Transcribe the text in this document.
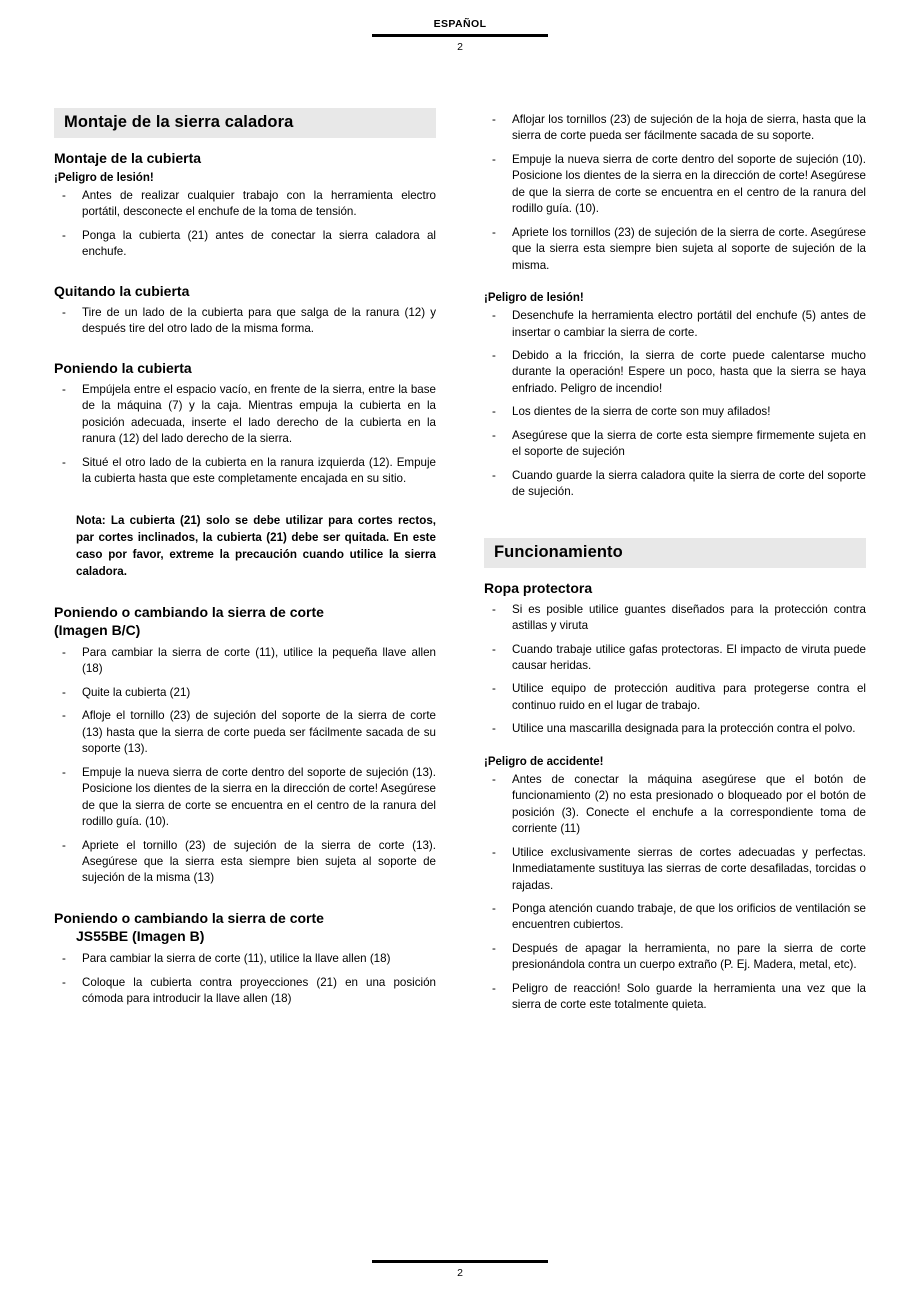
ESPAÑOL
2
Montaje de la sierra caladora
Montaje de la cubierta
¡Peligro de lesión!
- Antes de realizar cualquier trabajo con la herramienta electro portátil, desconecte el enchufe de la toma de tensión.
- Ponga la cubierta (21) antes de conectar la sierra caladora al enchufe.
Quitando la cubierta
- Tire de un lado de la cubierta para que salga de la ranura (12) y después tire del otro lado de la misma forma.
Poniendo la cubierta
- Empújela entre el espacio vacío, en frente de la sierra, entre la base de la máquina (7) y la caja. Mientras empuja la cubierta en la posición adecuada, inserte el lado derecho de la cubierta en la ranura (12) del lado derecho de la sierra.
- Situé el otro lado de la cubierta en la ranura izquierda (12). Empuje la cubierta hasta que este completamente encajada en su sitio.
Nota: La cubierta (21) solo se debe utilizar para cortes rectos, par cortes inclinados, la cubierta (21) debe ser quitada. En este caso por favor, extreme la precaución cuando utilice la sierra caladora.
Poniendo o cambiando la sierra de corte
(Imagen B/C)
- Para cambiar la sierra de corte (11), utilice la pequeña llave allen (18)
- Quite la cubierta (21)
- Afloje el tornillo (23) de sujeción del soporte de la sierra de corte (13) hasta que la sierra de corte pueda ser fácilmente sacada de su soporte (13).
- Empuje la nueva sierra de corte dentro del soporte de sujeción (13). Posicione los dientes de la sierra en la dirección de corte! Asegúrese de que la sierra de corte se encuentra en el centro de la ranura del rodillo guía. (10).
- Apriete el tornillo (23) de sujeción de la sierra de corte (13). Asegúrese que la sierra esta siempre bien sujeta al soporte de sujeción de la misma (13)
Poniendo o cambiando la sierra de corte
JS55BE (Imagen B)
- Para cambiar la sierra de corte (11), utilice la llave allen (18)
- Coloque la cubierta contra proyecciones (21) en una posición cómoda para introducir la llave allen (18)
- Aflojar los tornillos (23) de sujeción de la hoja de sierra, hasta que la sierra de corte pueda ser fácilmente sacada de su soporte.
- Empuje la nueva sierra de corte dentro del soporte de sujeción (10). Posicione los dientes de la sierra en la dirección de corte! Asegúrese de que la sierra de corte se encuentra en el centro de la ranura del rodillo guía. (10).
- Apriete los tornillos (23) de sujeción de la sierra de corte. Asegúrese que la sierra esta siempre bien sujeta al soporte de sujeción de la misma.
¡Peligro de lesión!
- Desenchufe la herramienta electro portátil del enchufe (5) antes de insertar o cambiar la sierra de corte.
- Debido a la fricción, la sierra de corte puede calentarse mucho durante la operación! Espere un poco, hasta que la sierra se haya enfriado. Peligro de incendio!
- Los dientes de la sierra de corte son muy afilados!
- Asegúrese que la sierra de corte esta siempre firmemente sujeta en el soporte de sujeción
- Cuando guarde la sierra caladora quite la sierra de corte del soporte de sujeción.
Funcionamiento
Ropa protectora
- Si es posible utilice guantes diseñados para la protección contra astillas y viruta
- Cuando trabaje utilice gafas protectoras. El impacto de viruta puede causar heridas.
- Utilice equipo de protección auditiva para protegerse contra el continuo ruido en el lugar de trabajo.
- Utilice una mascarilla designada para la protección contra el polvo.
¡Peligro de accidente!
- Antes de conectar la máquina asegúrese que el botón de funcionamiento (2) no esta presionado o bloqueado por el botón de posición (3). Conecte el enchufe a la correspondiente toma de corriente (11)
- Utilice exclusivamente sierras de cortes adecuadas y perfectas. Inmediatamente sustituya las sierras de corte desafiladas, torcidas o rajadas.
- Ponga atención cuando trabaje, de que los orificios de ventilación se encuentren cubiertos.
- Después de apagar la herramienta, no pare la sierra de corte presionándola contra un cuerpo extraño (P. Ej. Madera, metal, etc).
- Peligro de reacción! Solo guarde la herramienta una vez que la sierra de corte este totalmente quieta.
2
